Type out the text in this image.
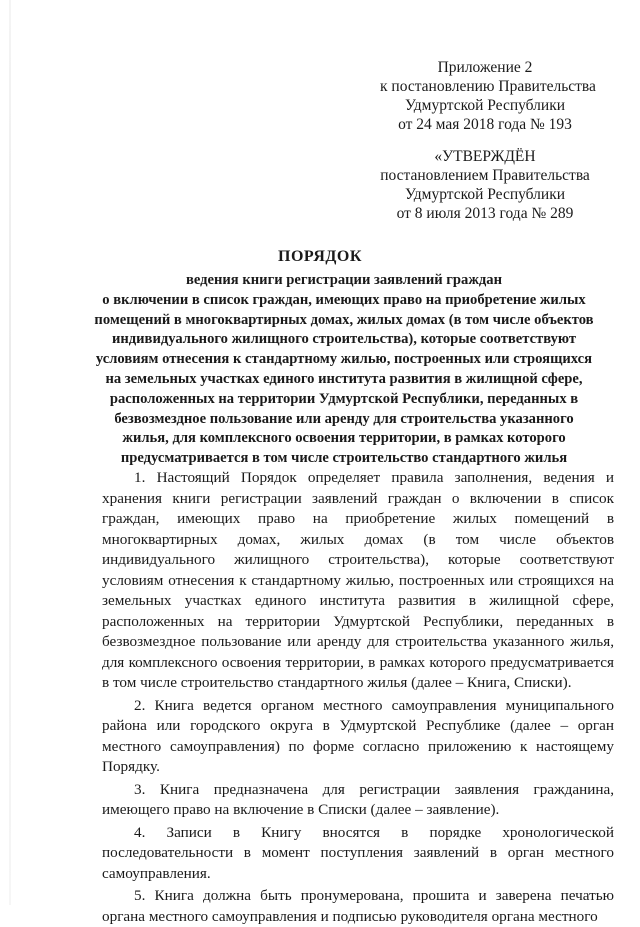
Приложение 2
к постановлению Правительства
Удмуртской Республики
от 24 мая 2018 года № 193
«УТВЕРЖДЁН
постановлением Правительства
Удмуртской Республики
от 8 июля 2013 года № 289
ПОРЯДОК
ведения книги регистрации заявлений граждан
о включении в список граждан, имеющих право на приобретение жилых
помещений в многоквартирных домах, жилых домах (в том числе объектов
индивидуального жилищного строительства), которые соответствуют
условиям отнесения к стандартному жилью, построенных или строящихся
на земельных участках единого института развития в жилищной сфере,
расположенных на территории Удмуртской Республики, переданных в
безвозмездное пользование или аренду для строительства указанного
жилья, для комплексного освоения территории, в рамках которого
предусматривается в том числе строительство стандартного жилья

1. Настоящий Порядок определяет правила заполнения, ведения и хранения книги регистрации заявлений граждан о включении в список граждан, имеющих право на приобретение жилых помещений в многоквартирных домах, жилых домах (в том числе объектов индивидуального жилищного строительства), которые соответствуют условиям отнесения к стандартному жилью, построенных или строящихся на земельных участках единого института развития в жилищной сфере, расположенных на территории Удмуртской Республики, переданных в безвозмездное пользование или аренду для строительства указанного жилья, для комплексного освоения территории, в рамках которого предусматривается в том числе строительство стандартного жилья (далее – Книга, Списки).

2. Книга ведется органом местного самоуправления муниципального района или городского округа в Удмуртской Республике (далее – орган местного самоуправления) по форме согласно приложению к настоящему Порядку.

3. Книга предназначена для регистрации заявления гражданина, имеющего право на включение в Списки (далее – заявление).

4. Записи в Книгу вносятся в порядке хронологической последовательности в момент поступления заявлений в орган местного самоуправления.

5. Книга должна быть пронумерована, прошита и заверена печатью органа местного самоуправления и подписью руководителя органа местного
